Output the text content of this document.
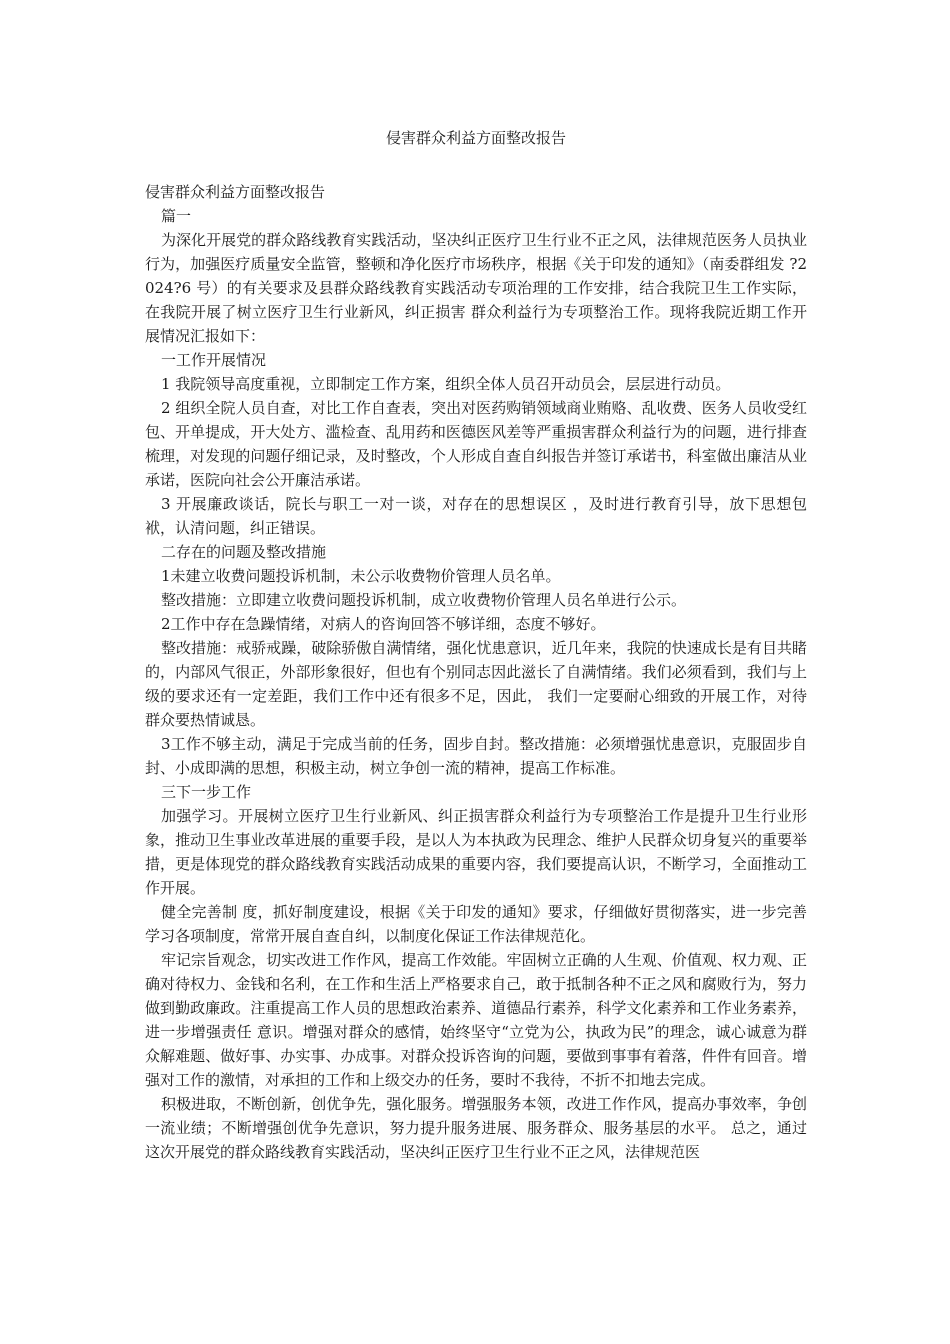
侵害群众利益方面整改报告
侵害群众利益方面整改报告

篇一

为深化开展党的群众路线教育实践活动，坚决纠正医疗卫生行业不正之风，法律规范医务人员执业行为，加强医疗质量安全监管，整顿和净化医疗市场秩序，根据《关于印发的通知》（南委群组发 ?2024?6 号）的有关要求及县群众路线教育实践活动专项治理的工作安排，结合我院卫生工作实际，在我院开展了树立医疗卫生行业新风，纠正损害 群众利益行为专项整治工作。现将我院近期工作开展情况汇报如下：

一工作开展情况

1 我院领导高度重视，立即制定工作方案，组织全体人员召开动员会，层层进行动员。

2 组织全院人员自查，对比工作自查表，突出对医药购销领域商业贿赂、乱收费、医务人员收受红包、开单提成，开大处方、滥检查、乱用药和医德医风差等严重损害群众利益行为的问题，进行排查梳理，对发现的问题仔细记录，及时整改，个人形成自查自纠报告并签订承诺书，科室做出廉洁从业承诺，医院向社会公开廉洁承诺。

3 开展廉政谈话，院长与职工一对一谈，对存在的思想误区 ，及时进行教育引导，放下思想包袱，认清问题，纠正错误。

二存在的问题及整改措施

1未建立收费问题投诉机制，未公示收费物价管理人员名单。

整改措施：立即建立收费问题投诉机制，成立收费物价管理人员名单进行公示。

2工作中存在急躁情绪，对病人的咨询回答不够详细，态度不够好。

整改措施：戒骄戒躁，破除骄傲自满情绪，强化忧患意识，近几年来，我院的快速成长是有目共睹的，内部风气很正，外部形象很好，但也有个别同志因此滋长了自满情绪。我们必须看到，我们与上级的要求还有一定差距，我们工作中还有很多不足，因此， 我们一定要耐心细致的开展工作，对待群众要热情诚恳。

3工作不够主动，满足于完成当前的任务，固步自封。整改措施：必须增强忧患意识，克服固步自封、小成即满的思想，积极主动，树立争创一流的精神，提高工作标准。

三下一步工作

加强学习。开展树立医疗卫生行业新风、纠正损害群众利益行为专项整治工作是提升卫生行业形象，推动卫生事业改革进展的重要手段，是以人为本执政为民理念、维护人民群众切身复兴的重要举措，更是体现党的群众路线教育实践活动成果的重要内容，我们要提高认识，不断学习，全面推动工作开展。

健全完善制 度，抓好制度建设，根据《关于印发的通知》要求，仔细做好贯彻落实，进一步完善学习各项制度，常常开展自查自纠，以制度化保证工作法律规范化。

牢记宗旨观念，切实改进工作作风，提高工作效能。牢固树立正确的人生观、价值观、权力观、正确对待权力、金钱和名利，在工作和生活上严格要求自己，敢于抵制各种不正之风和腐败行为，努力做到勤政廉政。注重提高工作人员的思想政治素养、道德品行素养，科学文化素养和工作业务素养，进一步增强责任 意识。增强对群众的感情，始终坚守“立党为公，执政为民”的理念，诚心诚意为群众解难题、做好事、办实事、办成事。对群众投诉咨询的问题，要做到事事有着落，件件有回音。增强对工作的激情，对承担的工作和上级交办的任务，要时不我待，不折不扣地去完成。

积极进取，不断创新，创优争先，强化服务。增强服务本领，改进工作作风，提高办事效率，争创一流业绩；不断增强创优争先意识，努力提升服务进展、服务群众、服务基层的水平。 总之，通过这次开展党的群众路线教育实践活动，坚决纠正医疗卫生行业不正之风，法律规范医
